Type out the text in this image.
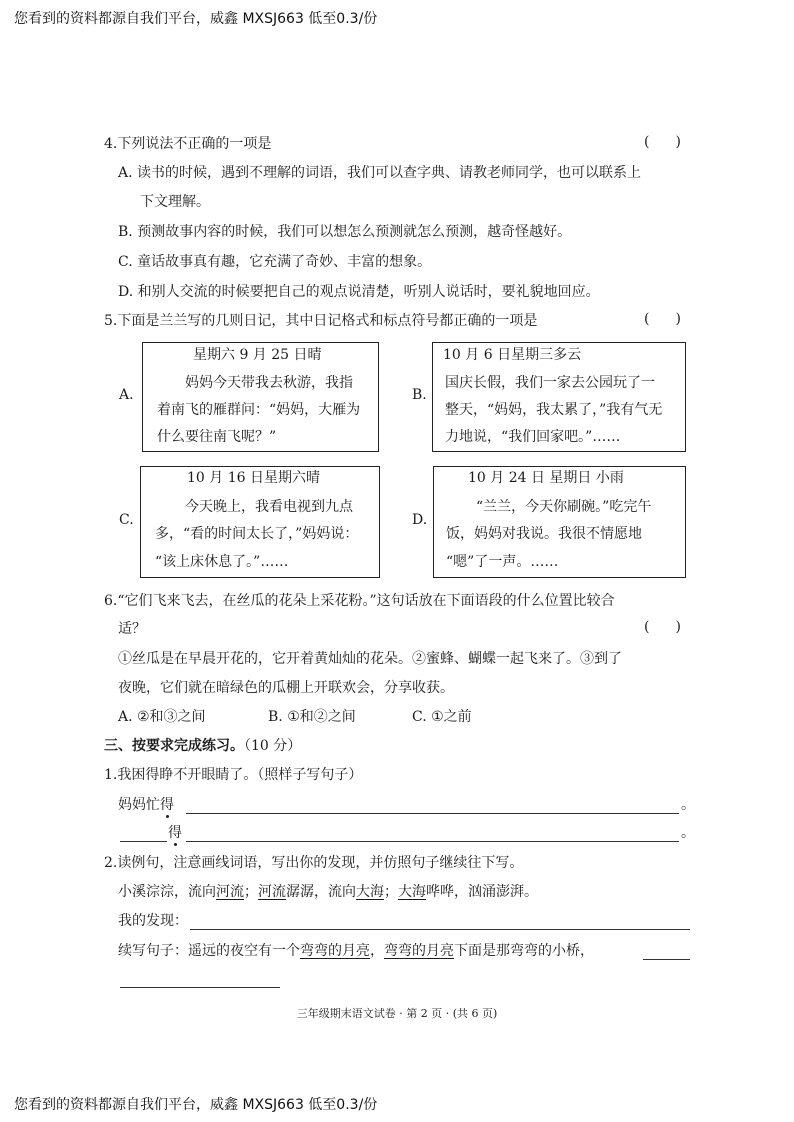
您看到的资料都源自我们平台，威鑫 MXSJ663 低至0.3/份
4.下列说法不正确的一项是	( )
A. 读书的时候，遇到不理解的词语，我们可以查字典、请教老师同学，也可以联系上
下文理解。
B. 预测故事内容的时候，我们可以想怎么预测就怎么预测，越奇怪越好。
C. 童话故事真有趣，它充满了奇妙、丰富的想象。
D. 和别人交流的时候要把自己的观点说清楚，听别人说话时，要礼貌地回应。
5.下面是兰兰写的几则日记，其中日记格式和标点符号都正确的一项是	( )
A.
星期六 9 月 25 日晴
妈妈今天带我去秋游，我指
着南飞的雁群问：“妈妈，大雁为
什么要往南飞呢？”
B.
10 月 6 日星期三多云
国庆长假，我们一家去公园玩了一
整天，“妈妈，我太累了，”我有气无
力地说，“我们回家吧。”……
C.
10 月 16 日星期六晴
今天晚上，我看电视到九点
多，“看的时间太长了，”妈妈说：
“该上床休息了。”……
D.
10 月 24 日 星期日 小雨
“兰兰，今天你刷碗。”吃完午
饭，妈妈对我说。我很不情愿地
“嗯”了一声。……
6.“它们飞来飞去，在丝瓜的花朵上采花粉。”这句话放在下面语段的什么位置比较合
适？	( )
①丝瓜是在早晨开花的，它开着黄灿灿的花朵。②蜜蜂、蝴蝶一起飞来了。③到了
夜晚，它们就在暗绿色的瓜棚上开联欢会，分享收获。
A. ②和③之间	B. ①和②之间	C. ①之前
三、按要求完成练习。（10 分）
1.我困得睁不开眼睛了。（照样子写句子）
妈妈忙得	。
得	。
2.读例句，注意画线词语，写出你的发现，并仿照句子继续往下写。
小溪淙淙，流向河流；河流潺潺，流向大海；大海哗哗，汹涌澎湃。
我的发现：
续写句子：遥远的夜空有一个弯弯的月亮，弯弯的月亮下面是那弯弯的小桥，
三年级期末语文试卷 · 第 2 页 · (共 6 页)
您看到的资料都源自我们平台，威鑫 MXSJ663 低至0.3/份
